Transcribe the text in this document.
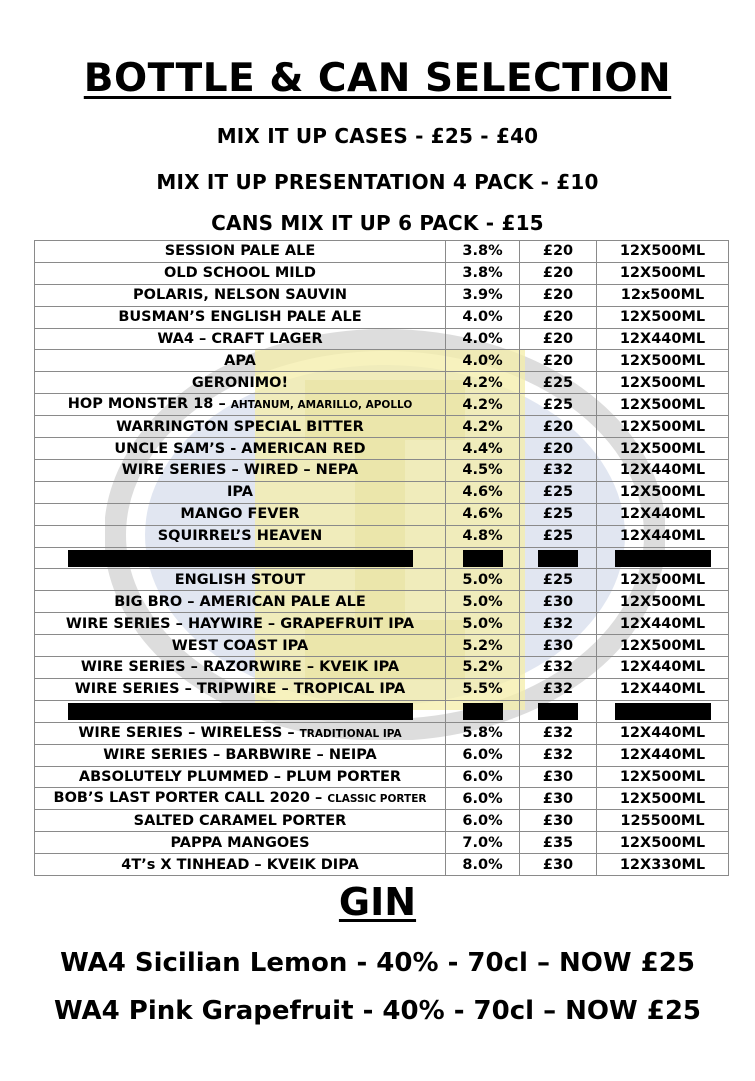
BOTTLE & CAN SELECTION
MIX IT UP CASES - £25 - £40
MIX IT UP PRESENTATION 4 PACK - £10
CANS MIX IT UP 6 PACK - £15
SESSION PALE ALE	3.8%	£20	12X500ML
OLD SCHOOL MILD	3.8%	£20	12X500ML
POLARIS, NELSON SAUVIN	3.9%	£20	12x500ML
BUSMAN’S ENGLISH PALE ALE	4.0%	£20	12X500ML
WA4 – CRAFT LAGER	4.0%	£20	12X440ML
APA	4.0%	£20	12X500ML
GERONIMO!	4.2%	£25	12X500ML
HOP MONSTER 18 – AHTANUM, AMARILLO, APOLLO	4.2%	£25	12X500ML
WARRINGTON SPECIAL BITTER	4.2%	£20	12X500ML
UNCLE SAM’S - AMERICAN RED	4.4%	£20	12X500ML
WIRE SERIES – WIRED – NEPA	4.5%	£32	12X440ML
IPA	4.6%	£25	12X500ML
MANGO FEVER	4.6%	£25	12X440ML
SQUIRREL’S HEAVEN	4.8%	£25	12X440ML

ENGLISH STOUT	5.0%	£25	12X500ML
BIG BRO – AMERICAN PALE ALE	5.0%	£30	12X500ML
WIRE SERIES – HAYWIRE – GRAPEFRUIT IPA	5.0%	£32	12X440ML
WEST COAST IPA	5.2%	£30	12X500ML
WIRE SERIES – RAZORWIRE – KVEIK IPA	5.2%	£32	12X440ML
WIRE SERIES – TRIPWIRE – TROPICAL IPA	5.5%	£32	12X440ML

WIRE SERIES – WIRELESS – TRADITIONAL IPA	5.8%	£32	12X440ML
WIRE SERIES – BARBWIRE – NEIPA	6.0%	£32	12X440ML
ABSOLUTELY PLUMMED – PLUM PORTER	6.0%	£30	12X500ML
BOB’S LAST PORTER CALL 2020 – CLASSIC PORTER	6.0%	£30	12X500ML
SALTED CARAMEL PORTER	6.0%	£30	125500ML
PAPPA MANGOES	7.0%	£35	12X500ML
4T’s X TINHEAD – KVEIK DIPA	8.0%	£30	12X330ML
GIN
WA4 Sicilian Lemon - 40% - 70cl – NOW £25
WA4 Pink Grapefruit - 40% - 70cl – NOW £25
